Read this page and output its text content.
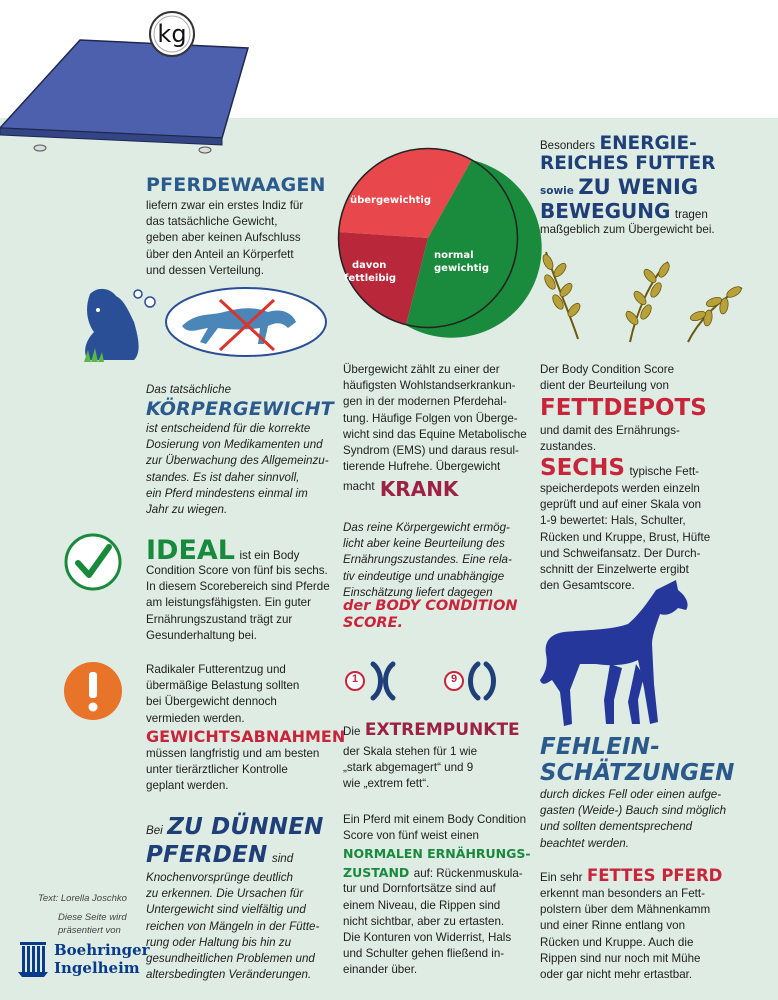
kg
PFERDEWAAGEN
liefern zwar ein erstes Indiz für
das tatsächliche Gewicht,
geben aber keinen Aufschluss
über den Anteil an Körperfett
und dessen Verteilung.
übergewichtig
davon
fettleibig
normal
gewichtig
Besonders ENERGIE-
REICHES FUTTER
sowie ZU WENIG
BEWEGUNG tragen
maßgeblich zum Übergewicht bei.
Das tatsächliche
KÖRPERGEWICHT
ist entscheidend für die korrekte
Dosierung von Medikamenten und
zur Überwachung des Allgemeinzu-
standes. Es ist daher sinnvoll,
ein Pferd mindestens einmal im
Jahr zu wiegen.
Übergewicht zählt zu einer der
häufigsten Wohlstandserkrankun-
gen in der modernen Pferdehal-
tung. Häufige Folgen von Überge-
wicht sind das Equine Metabolische
Syndrom (EMS) und daraus resul-
tierende Hufrehe. Übergewicht
macht KRANK
Das reine Körpergewicht ermög-
licht aber keine Beurteilung des
Ernährungszustandes. Eine rela-
tiv eindeutige und unabhängige
Einschätzung liefert dagegen
der BODY CONDITION
SCORE.
Der Body Condition Score
dient der Beurteilung von
FETTDEPOTS
und damit des Ernährungs-
zustandes.
SECHS typische Fett-
speicherdepots werden einzeln
geprüft und auf einer Skala von
1-9 bewertet: Hals, Schulter,
Rücken und Kruppe, Brust, Hüfte
und Schweifansatz. Der Durch-
schnitt der Einzelwerte ergibt
den Gesamtscore.
IDEAL ist ein Body
Condition Score von fünf bis sechs.
In diesem Scorebereich sind Pferde
am leistungsfähigsten. Ein guter
Ernährungszustand trägt zur
Gesunderhaltung bei.
Radikaler Futterentzug und
übermäßige Belastung sollten
bei Übergewicht dennoch
vermieden werden.
GEWICHTSABNAHMEN
müssen langfristig und am besten
unter tierärztlicher Kontrolle
geplant werden.
1	9
Die EXTREMPUNKTE
der Skala stehen für 1 wie
„stark abgemagert“ und 9
wie „extrem fett“.
FEHLEIN-
SCHÄTZUNGEN
durch dickes Fell oder einen aufge-
gasten (Weide-) Bauch sind möglich
und sollten dementsprechend
beachtet werden.
Bei ZU DÜNNEN
PFERDEN sind
Knochenvorsprünge deutlich
zu erkennen. Die Ursachen für
Untergewicht sind vielfältig und
reichen von Mängeln in der Fütte-
rung oder Haltung bis hin zu
gesundheitlichen Problemen und
altersbedingten Veränderungen.
Ein Pferd mit einem Body Condition
Score von fünf weist einen
NORMALEN ERNÄHRUNGS-
ZUSTAND auf: Rückenmuskula-
tur und Dornfortsätze sind auf
einem Niveau, die Rippen sind
nicht sichtbar, aber zu ertasten.
Die Konturen von Widerrist, Hals
und Schulter gehen fließend in-
einander über.
Ein sehr FETTES PFERD
erkennt man besonders an Fett-
polstern über dem Mähnenkamm
und einer Rinne entlang von
Rücken und Kruppe. Auch die
Rippen sind nur noch mit Mühe
oder gar nicht mehr ertastbar.
Text: Lorella Joschko
Diese Seite wird
präsentiert von
Boehringer
Ingelheim
